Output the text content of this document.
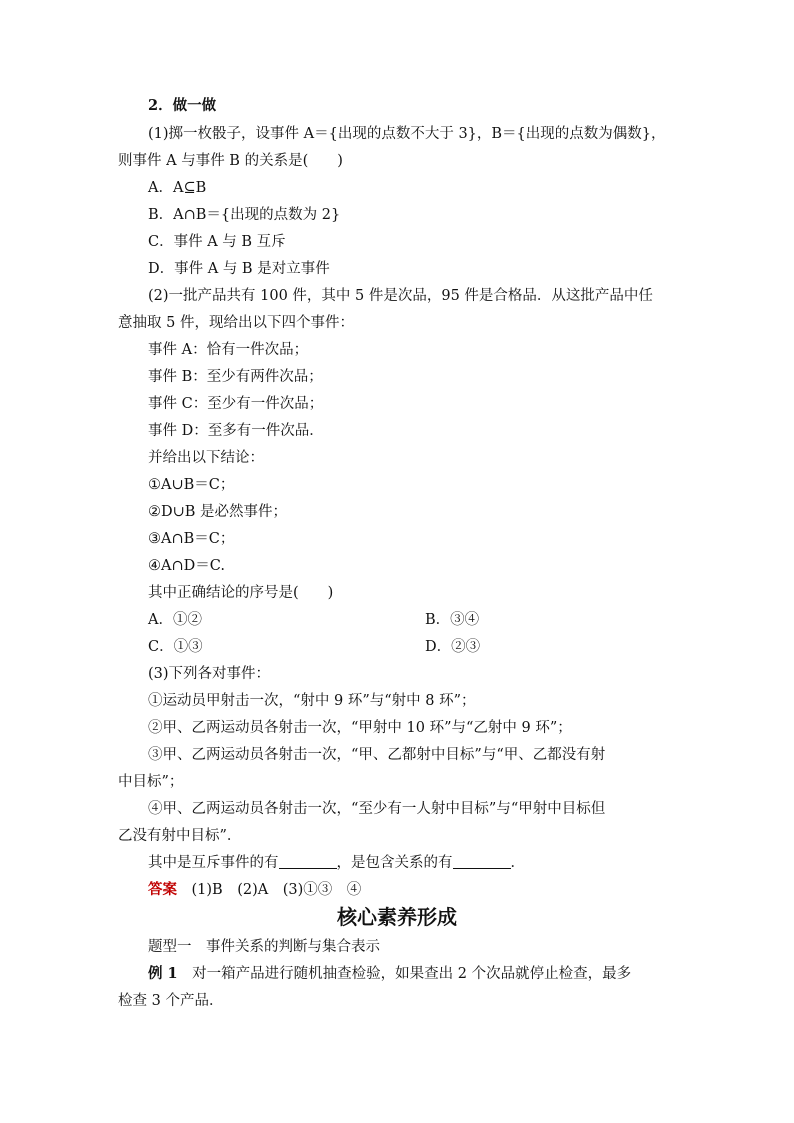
2．做一做
(1)掷一枚骰子，设事件 A＝{出现的点数不大于 3}，B＝{出现的点数为偶数}，
则事件 A 与事件 B 的关系是(　　)
A．A⊆B
B．A∩B＝{出现的点数为 2}
C．事件 A 与 B 互斥
D．事件 A 与 B 是对立事件
(2)一批产品共有 100 件，其中 5 件是次品，95 件是合格品．从这批产品中任
意抽取 5 件，现给出以下四个事件：
事件 A：恰有一件次品；
事件 B：至少有两件次品；
事件 C：至少有一件次品；
事件 D：至多有一件次品．
并给出以下结论：
①A∪B＝C；
②D∪B 是必然事件；
③A∩B＝C；
④A∩D＝C.
其中正确结论的序号是(　　)
A．①②	B．③④
C．①③	D．②③
(3)下列各对事件：
①运动员甲射击一次，“射中 9 环”与“射中 8 环”；
②甲、乙两运动员各射击一次，“甲射中 10 环”与“乙射中 9 环”；
③甲、乙两运动员各射击一次，“甲、乙都射中目标”与“甲、乙都没有射
中目标”；
④甲、乙两运动员各射击一次，“至少有一人射中目标”与“甲射中目标但
乙没有射中目标”．
其中是互斥事件的有	，是包含关系的有	．
答案　(1)B　(2)A　(3)①③　④
核心素养形成
题型一　事件关系的判断与集合表示
例 1　对一箱产品进行随机抽查检验，如果查出 2 个次品就停止检查，最多
检查 3 个产品．
